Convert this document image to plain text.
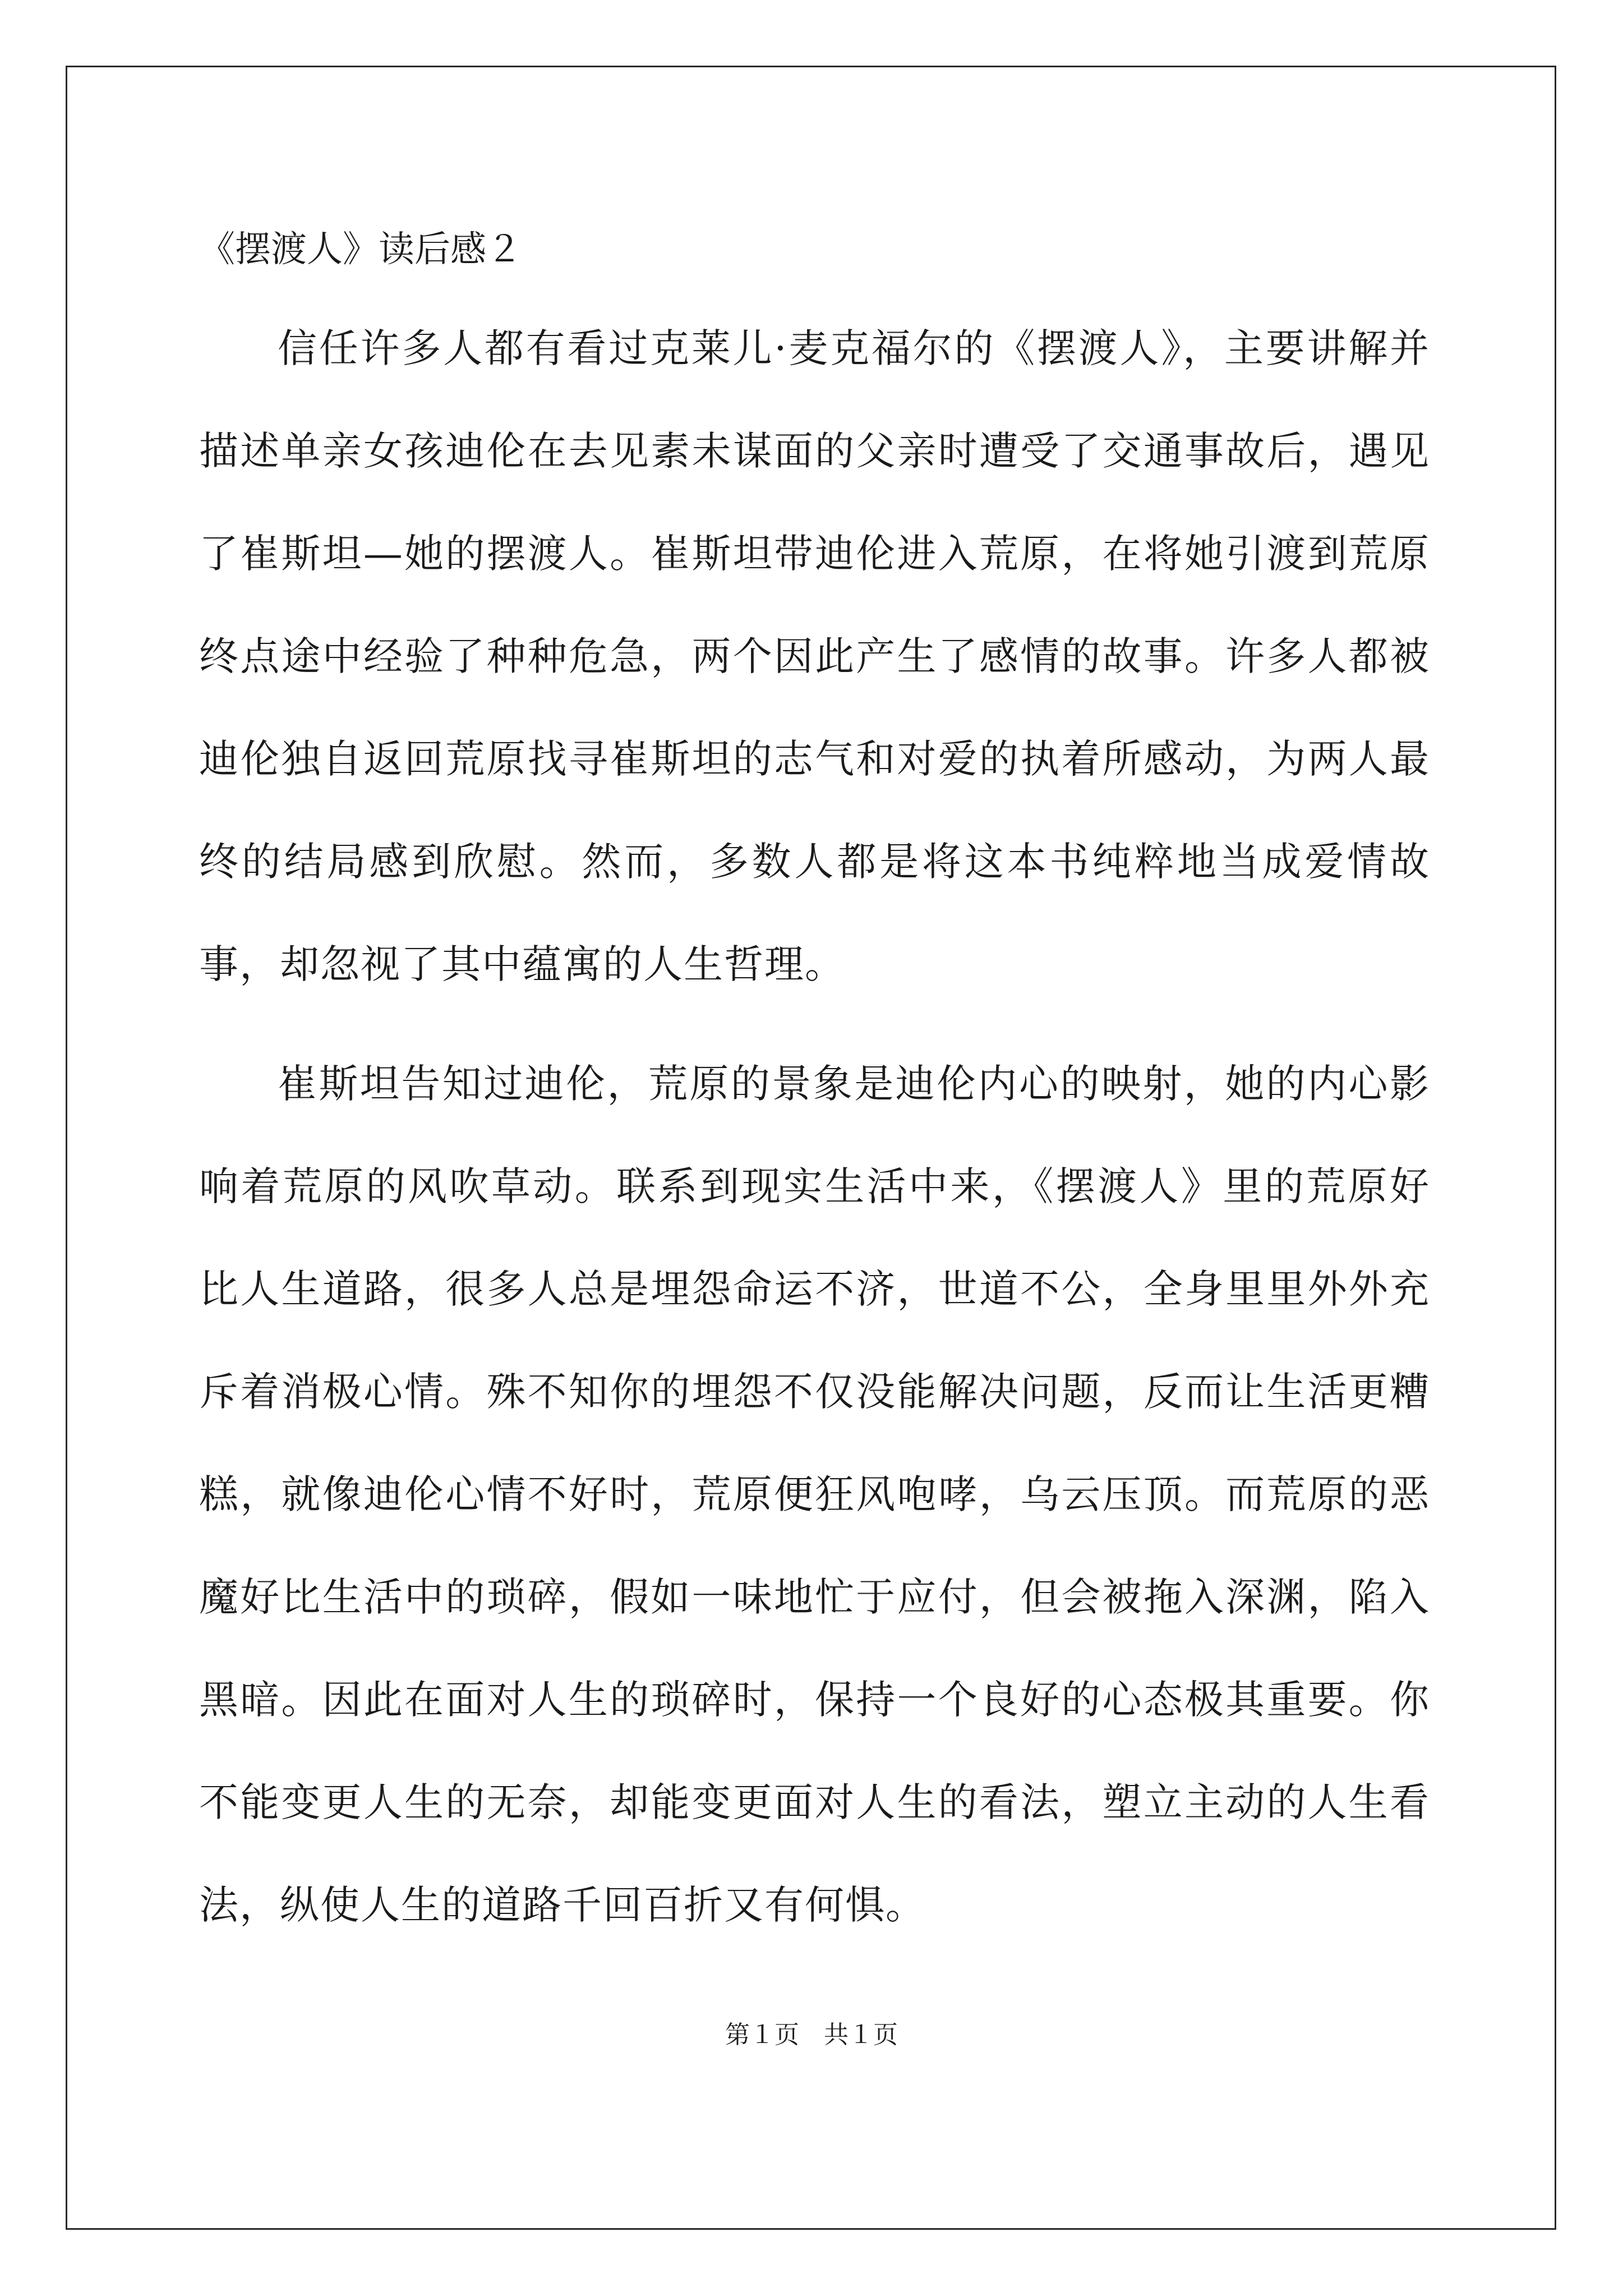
《摆渡人》读后感２

信任许多人都有看过克莱儿·麦克福尔的《摆渡人》，主要讲解并描述单亲女孩迪伦在去见素未谋面的父亲时遭受了交通事故后，遇见了崔斯坦—她的摆渡人。崔斯坦带迪伦进入荒原，在将她引渡到荒原终点途中经验了种种危急，两个因此产生了感情的故事。许多人都被迪伦独自返回荒原找寻崔斯坦的志气和对爱的执着所感动，为两人最终的结局感到欣慰。然而，多数人都是将这本书纯粹地当成爱情故事，却忽视了其中蕴寓的人生哲理。

崔斯坦告知过迪伦，荒原的景象是迪伦内心的映射，她的内心影响着荒原的风吹草动。联系到现实生活中来，《摆渡人》里的荒原好比人生道路，很多人总是埋怨命运不济，世道不公，全身里里外外充斥着消极心情。殊不知你的埋怨不仅没能解决问题，反而让生活更糟糕，就像迪伦心情不好时，荒原便狂风咆哮，乌云压顶。而荒原的恶魔好比生活中的琐碎，假如一味地忙于应付，但会被拖入深渊，陷入黑暗。因此在面对人生的琐碎时，保持一个良好的心态极其重要。你不能变更人生的无奈，却能变更面对人生的看法，塑立主动的人生看法，纵使人生的道路千回百折又有何惧。

第１页　共１页
